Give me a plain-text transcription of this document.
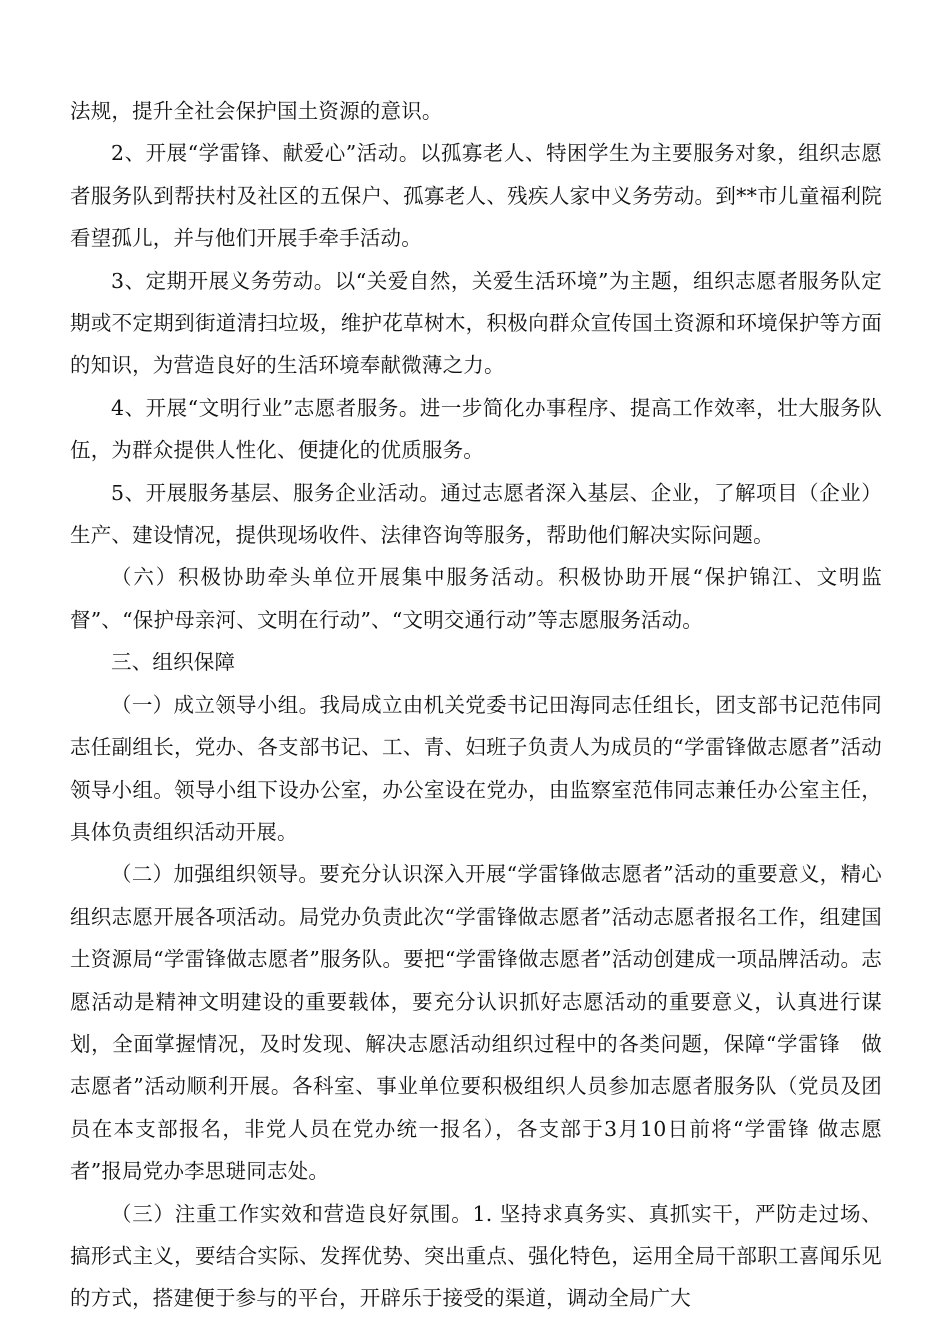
法规，提升全社会保护国土资源的意识。

2、开展“学雷锋、献爱心”活动。以孤寡老人、特困学生为主要服务对象，组织志愿者服务队到帮扶村及社区的五保户、孤寡老人、残疾人家中义务劳动。到**市儿童福利院看望孤儿，并与他们开展手牵手活动。

3、定期开展义务劳动。以“关爱自然，关爱生活环境”为主题，组织志愿者服务队定期或不定期到街道清扫垃圾，维护花草树木，积极向群众宣传国土资源和环境保护等方面的知识，为营造良好的生活环境奉献微薄之力。

4、开展“文明行业”志愿者服务。进一步简化办事程序、提高工作效率，壮大服务队伍，为群众提供人性化、便捷化的优质服务。

5、开展服务基层、服务企业活动。通过志愿者深入基层、企业，了解项目（企业）生产、建设情况，提供现场收件、法律咨询等服务，帮助他们解决实际问题。

（六）积极协助牵头单位开展集中服务活动。积极协助开展“保护锦江、文明监督”、“保护母亲河、文明在行动”、“文明交通行动”等志愿服务活动。

三、组织保障

（一）成立领导小组。我局成立由机关党委书记田海同志任组长，团支部书记范伟同志任副组长，党办、各支部书记、工、青、妇班子负责人为成员的“学雷锋做志愿者”活动领导小组。领导小组下设办公室，办公室设在党办，由监察室范伟同志兼任办公室主任，具体负责组织活动开展。

（二）加强组织领导。要充分认识深入开展“学雷锋做志愿者”活动的重要意义，精心组织志愿开展各项活动。局党办负责此次“学雷锋做志愿者”活动志愿者报名工作，组建国土资源局“学雷锋做志愿者”服务队。要把“学雷锋做志愿者”活动创建成一项品牌活动。志愿活动是精神文明建设的重要载体，要充分认识抓好志愿活动的重要意义，认真进行谋划，全面掌握情况，及时发现、解决志愿活动组织过程中的各类问题，保障“学雷锋　做志愿者”活动顺利开展。各科室、事业单位要积极组织人员参加志愿者服务队（党员及团员在本支部报名，非党人员在党办统一报名），各支部于3月10日前将“学雷锋 做志愿者”报局党办李思琎同志处。

（三）注重工作实效和营造良好氛围。1. 坚持求真务实、真抓实干，严防走过场、搞形式主义，要结合实际、发挥优势、突出重点、强化特色，运用全局干部职工喜闻乐见的方式，搭建便于参与的平台，开辟乐于接受的渠道，调动全局广大
